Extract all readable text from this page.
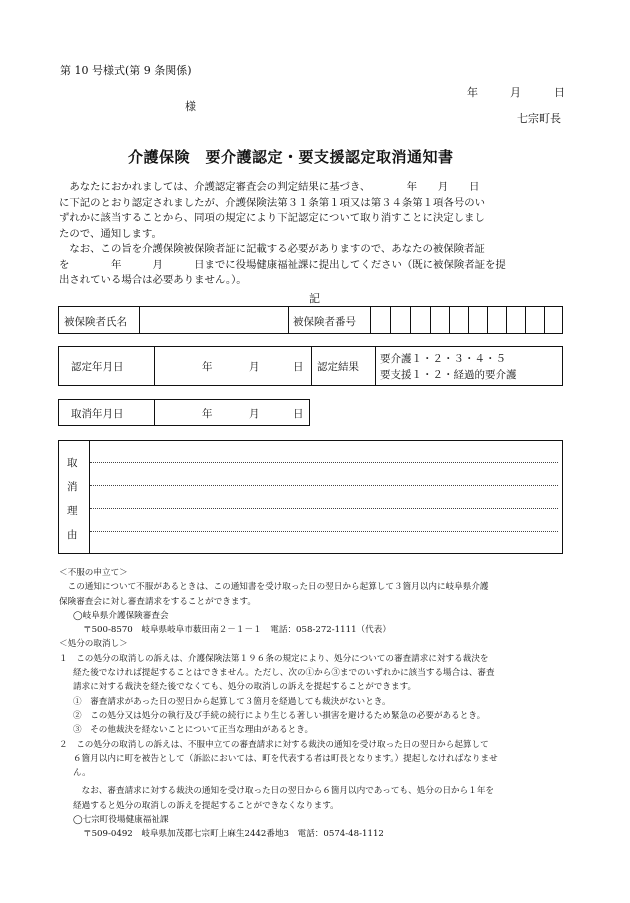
第 10 号様式(第 9 条関係)
年	月	日
様
七宗町長
介護保険　要介護認定・要支援認定取消通知書
　あなたにおかれましては、介護認定審査会の判定結果に基づき、　　　　年　　月　　日
に下記のとおり認定されましたが、介護保険法第３１条第１項又は第３４条第１項各号のい
ずれかに該当することから、同項の規定により下記認定について取り消すことに決定しまし
たので、通知します。
　なお、この旨を介護保険被保険者証に記載する必要がありますので、あなたの被保険者証
を　　　　年　　　月　　　日までに役場健康福祉課に提出してください（既に被保険者証を提
出されている場合は必要ありません。）。
記
被保険者氏名	被保険者番号
認定年月日	年	月	日 認定結果
要介護１・２・３・４・５
要支援１・２・経過的要介護
取消年月日	年	月	日
取
消
理
由
＜不服の申立て＞
　この通知について不服があるときは、この通知書を受け取った日の翌日から起算して３箇月以内に岐阜県介護
保険審査会に対し審査請求をすることができます。
◯岐阜県介護保険審査会
〒500-8570　岐阜県岐阜市薮田南２－１－１　電話：058-272-1111（代表）
＜処分の取消し＞
１　この処分の取消しの訴えは、介護保険法第１９６条の規定により、処分についての審査請求に対する裁決を
経た後でなければ提起することはできません。ただし、次の①から③までのいずれかに該当する場合は、審査
請求に対する裁決を経た後でなくても、処分の取消しの訴えを提起することができます。
①　審査請求があった日の翌日から起算して３箇月を経過しても裁決がないとき。
②　この処分又は処分の執行及び手続の続行により生じる著しい損害を避けるため緊急の必要があるとき。
③　その他裁決を経ないことについて正当な理由があるとき。
２　この処分の取消しの訴えは、不服申立ての審査請求に対する裁決の通知を受け取った日の翌日から起算して
６箇月以内に町を被告として（訴訟においては、町を代表する者は町長となります。）提起しなければなりませ
ん。
　なお、審査請求に対する裁決の通知を受け取った日の翌日から６箇月以内であっても、処分の日から１年を
経過すると処分の取消しの訴えを提起することができなくなります。
◯七宗町役場健康福祉課
〒509-0492　岐阜県加茂郡七宗町上麻生2442番地3　電話：0574-48-1112
